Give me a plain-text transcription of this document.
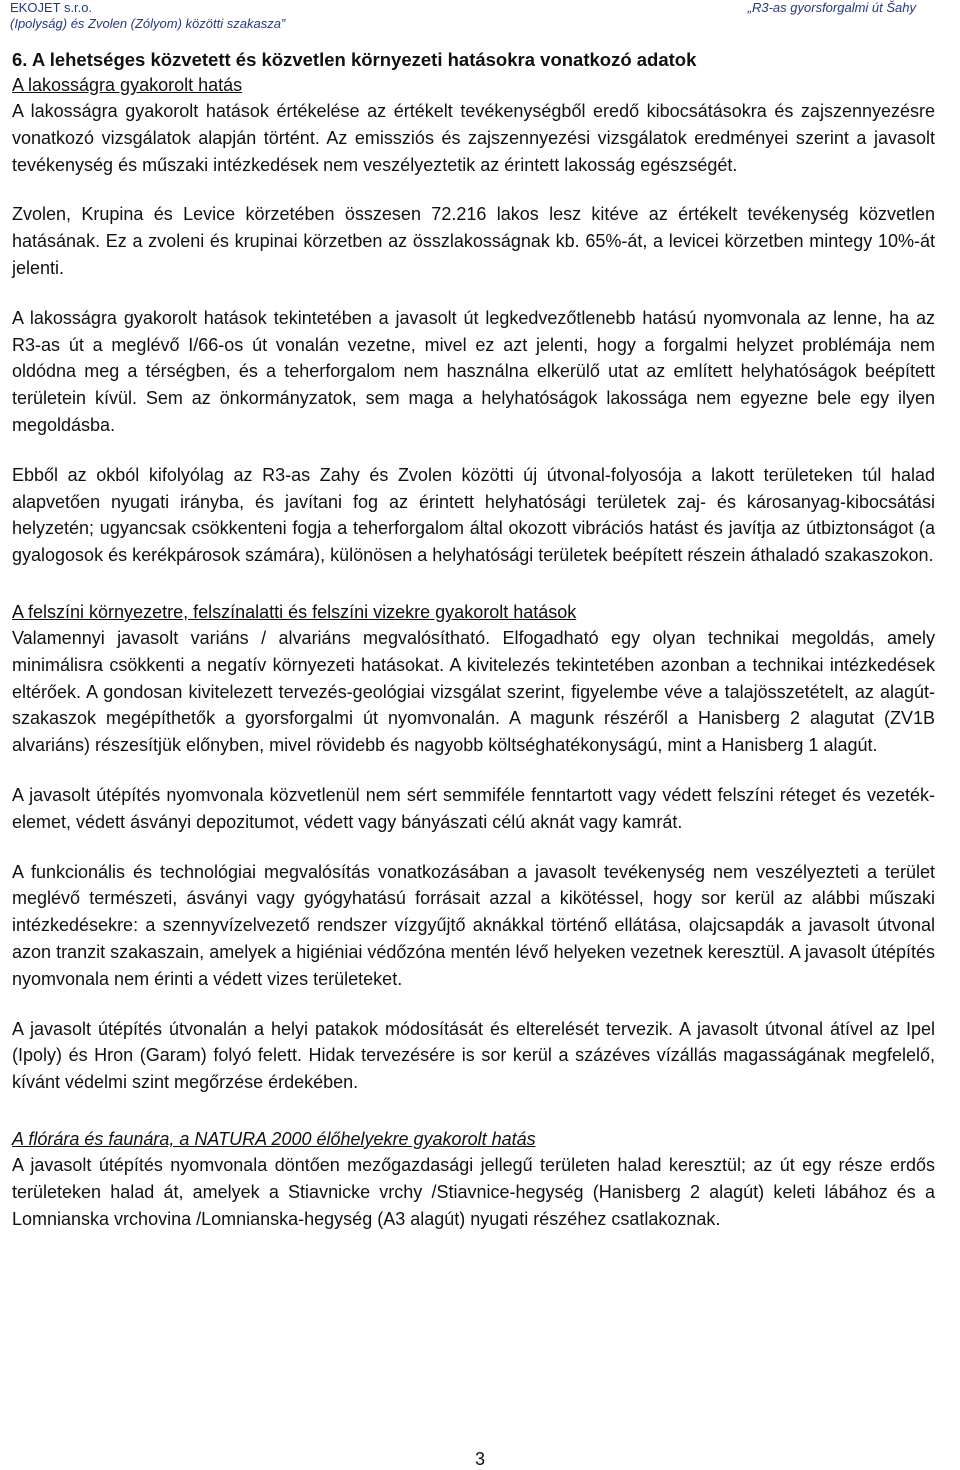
EKOJET s.r.o.
(Ipolyság) és Zvolen (Zólyom) közötti szakasza”
„R3-as gyorsforgalmi út Šahy
6. A lehetséges közvetett és közvetlen környezeti hatásokra vonatkozó adatok
A lakosságra gyakorolt hatás

A lakosságra gyakorolt hatások értékelése az értékelt tevékenységből eredő kibocsátásokra és zajszennyezésre vonatkozó vizsgálatok alapján történt. Az emissziós és zajszennyezési vizsgálatok eredményei szerint a javasolt tevékenység és műszaki intézkedések nem veszélyeztetik az érintett lakosság egészségét.

Zvolen, Krupina és Levice körzetében összesen 72.216 lakos lesz kitéve az értékelt tevékenység közvetlen hatásának. Ez a zvoleni és krupinai körzetben az összlakosságnak kb. 65%-át, a levicei körzetben mintegy 10%-át jelenti.

A lakosságra gyakorolt hatások tekintetében a javasolt út legkedvezőtlenebb hatású nyomvonala az lenne, ha az R3-as út a meglévő I/66-os út vonalán vezetne, mivel ez azt jelenti, hogy a forgalmi helyzet problémája nem oldódna meg a térségben, és a teherforgalom nem használna elkerülő utat az említett helyhatóságok beépített területein kívül. Sem az önkormányzatok, sem maga a helyhatóságok lakossága nem egyezne bele egy ilyen megoldásba.

Ebből az okból kifolyólag az R3-as Zahy és Zvolen közötti új útvonal-folyosója a lakott területeken túl halad alapvetően nyugati irányba, és javítani fog az érintett helyhatósági területek zaj- és károsanyag-kibocsátási helyzetén; ugyancsak csökkenteni fogja a teherforgalom által okozott vibrációs hatást és javítja az útbiztonságot (a gyalogosok és kerékpárosok számára), különösen a helyhatósági területek beépített részein áthaladó szakaszokon.

A felszíni környezetre, felszínalatti és felszíni vizekre gyakorolt hatások

Valamennyi javasolt variáns / alvariáns megvalósítható. Elfogadható egy olyan technikai megoldás, amely minimálisra csökkenti a negatív környezeti hatásokat. A kivitelezés tekintetében azonban a technikai intézkedések eltérőek. A gondosan kivitelezett tervezés-geológiai vizsgálat szerint, figyelembe véve a talajösszetételt, az alagút-szakaszok megépíthetők a gyorsforgalmi út nyomvonalán. A magunk részéről a Hanisberg 2 alagutat (ZV1B alvariáns) részesítjük előnyben, mivel rövidebb és nagyobb költséghatékonyságú, mint a Hanisberg 1 alagút.

A javasolt útépítés nyomvonala közvetlenül nem sért semmiféle fenntartott vagy védett felszíni réteget és vezeték-elemet, védett ásványi depozitumot, védett vagy bányászati célú aknát vagy kamrát.

A funkcionális és technológiai megvalósítás vonatkozásában a javasolt tevékenység nem veszélyezteti a terület meglévő természeti, ásványi vagy gyógyhatású forrásait azzal a kikötéssel, hogy sor kerül az alábbi műszaki intézkedésekre: a szennyvízelvezető rendszer vízgyűjtő aknákkal történő ellátása, olajcsapdák a javasolt útvonal azon tranzit szakaszain, amelyek a higiéniai védőzóna mentén lévő helyeken vezetnek keresztül. A javasolt útépítés nyomvonala nem érinti a védett vizes területeket.

A javasolt útépítés útvonalán a helyi patakok módosítását és elterelését tervezik. A javasolt útvonal átível az Ipel (Ipoly) és Hron (Garam) folyó felett. Hidak tervezésére is sor kerül a százéves vízállás magasságának megfelelő, kívánt védelmi szint megőrzése érdekében.

A flórára és faunára, a NATURA 2000 élőhelyekre gyakorolt hatás

A javasolt útépítés nyomvonala döntően mezőgazdasági jellegű területen halad keresztül; az út egy része erdős területeken halad át, amelyek a Stiavnicke vrchy /Stiavnice-hegység (Hanisberg 2 alagút) keleti lábához és a Lomnianska vrchovina /Lomnianska-hegység (A3 alagút) nyugati részéhez csatlakoznak.

3
